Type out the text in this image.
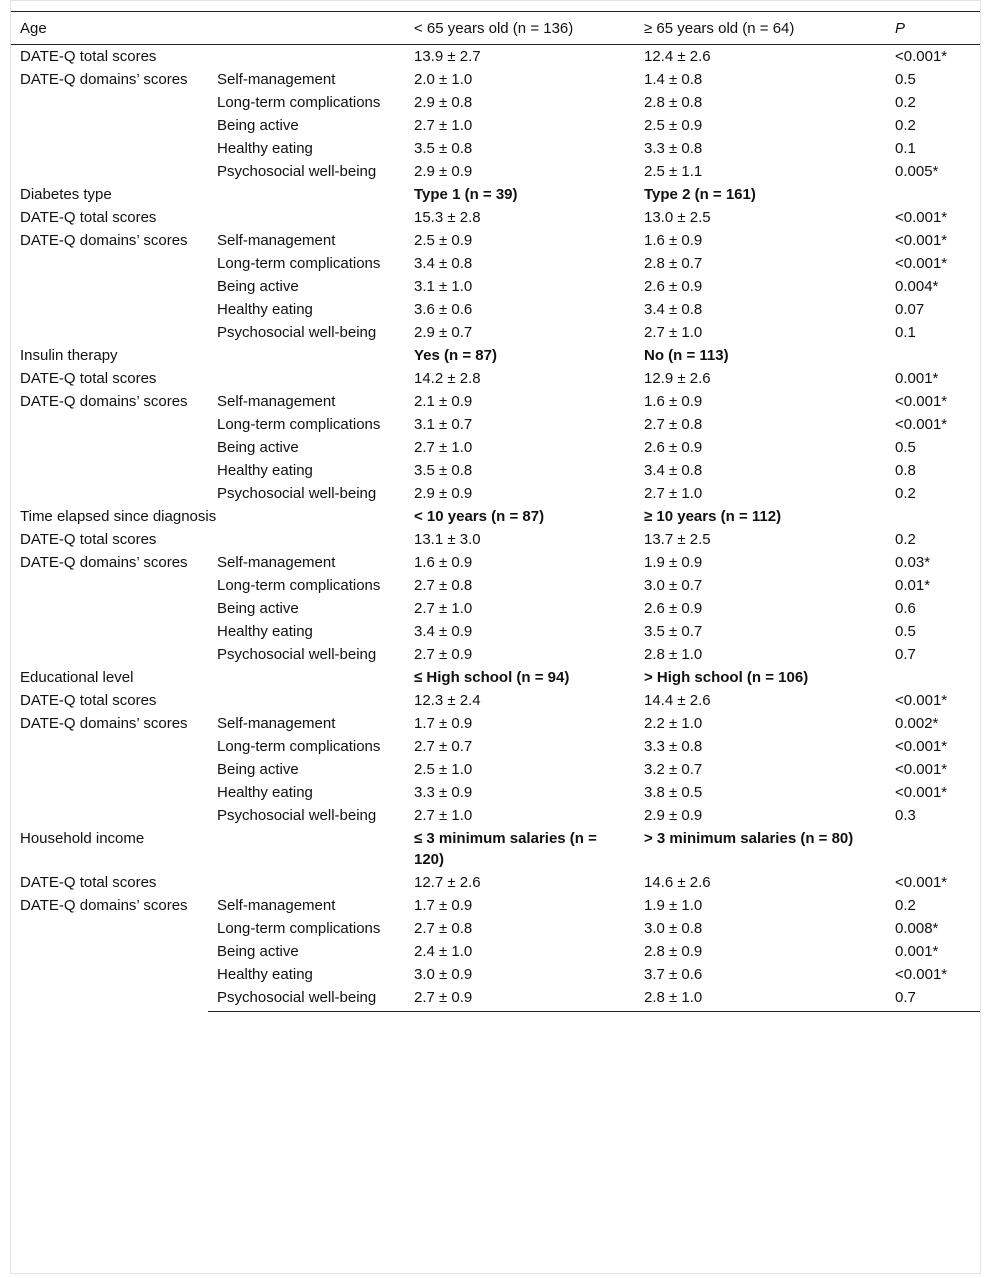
Age		< 65 years old (n = 136)	≥ 65 years old (n = 64)	P
DATE-Q total scores		13.9 ± 2.7	12.4 ± 2.6	<0.001*
DATE-Q domains’ scores	Self-management	2.0 ± 1.0	1.4 ± 0.8	0.5
	Long-term complications	2.9 ± 0.8	2.8 ± 0.8	0.2
	Being active	2.7 ± 1.0	2.5 ± 0.9	0.2
	Healthy eating	3.5 ± 0.8	3.3 ± 0.8	0.1
	Psychosocial well-being	2.9 ± 0.9	2.5 ± 1.1	0.005*
Diabetes type		Type 1 (n = 39)	Type 2 (n = 161)	
DATE-Q total scores		15.3 ± 2.8	13.0 ± 2.5	<0.001*
DATE-Q domains’ scores	Self-management	2.5 ± 0.9	1.6 ± 0.9	<0.001*
	Long-term complications	3.4 ± 0.8	2.8 ± 0.7	<0.001*
	Being active	3.1 ± 1.0	2.6 ± 0.9	0.004*
	Healthy eating	3.6 ± 0.6	3.4 ± 0.8	0.07
	Psychosocial well-being	2.9 ± 0.7	2.7 ± 1.0	0.1
Insulin therapy		Yes (n = 87)	No (n = 113)	
DATE-Q total scores		14.2 ± 2.8	12.9 ± 2.6	0.001*
DATE-Q domains’ scores	Self-management	2.1 ± 0.9	1.6 ± 0.9	<0.001*
	Long-term complications	3.1 ± 0.7	2.7 ± 0.8	<0.001*
	Being active	2.7 ± 1.0	2.6 ± 0.9	0.5
	Healthy eating	3.5 ± 0.8	3.4 ± 0.8	0.8
	Psychosocial well-being	2.9 ± 0.9	2.7 ± 1.0	0.2
Time elapsed since diagnosis		< 10 years (n = 87)	≥ 10 years (n = 112)	
DATE-Q total scores		13.1 ± 3.0	13.7 ± 2.5	0.2
DATE-Q domains’ scores	Self-management	1.6 ± 0.9	1.9 ± 0.9	0.03*
	Long-term complications	2.7 ± 0.8	3.0 ± 0.7	0.01*
	Being active	2.7 ± 1.0	2.6 ± 0.9	0.6
	Healthy eating	3.4 ± 0.9	3.5 ± 0.7	0.5
	Psychosocial well-being	2.7 ± 0.9	2.8 ± 1.0	0.7
Educational level		≤ High school (n = 94)	> High school (n = 106)	
DATE-Q total scores		12.3 ± 2.4	14.4 ± 2.6	<0.001*
DATE-Q domains’ scores	Self-management	1.7 ± 0.9	2.2 ± 1.0	0.002*
	Long-term complications	2.7 ± 0.7	3.3 ± 0.8	<0.001*
	Being active	2.5 ± 1.0	3.2 ± 0.7	<0.001*
	Healthy eating	3.3 ± 0.9	3.8 ± 0.5	<0.001*
	Psychosocial well-being	2.7 ± 1.0	2.9 ± 0.9	0.3
Household income		≤ 3 minimum salaries (n = 120)	> 3 minimum salaries (n = 80)	
DATE-Q total scores		12.7 ± 2.6	14.6 ± 2.6	<0.001*
DATE-Q domains’ scores	Self-management	1.7 ± 0.9	1.9 ± 1.0	0.2
	Long-term complications	2.7 ± 0.8	3.0 ± 0.8	0.008*
	Being active	2.4 ± 1.0	2.8 ± 0.9	0.001*
	Healthy eating	3.0 ± 0.9	3.7 ± 0.6	<0.001*
	Psychosocial well-being	2.7 ± 0.9	2.8 ± 1.0	0.7
